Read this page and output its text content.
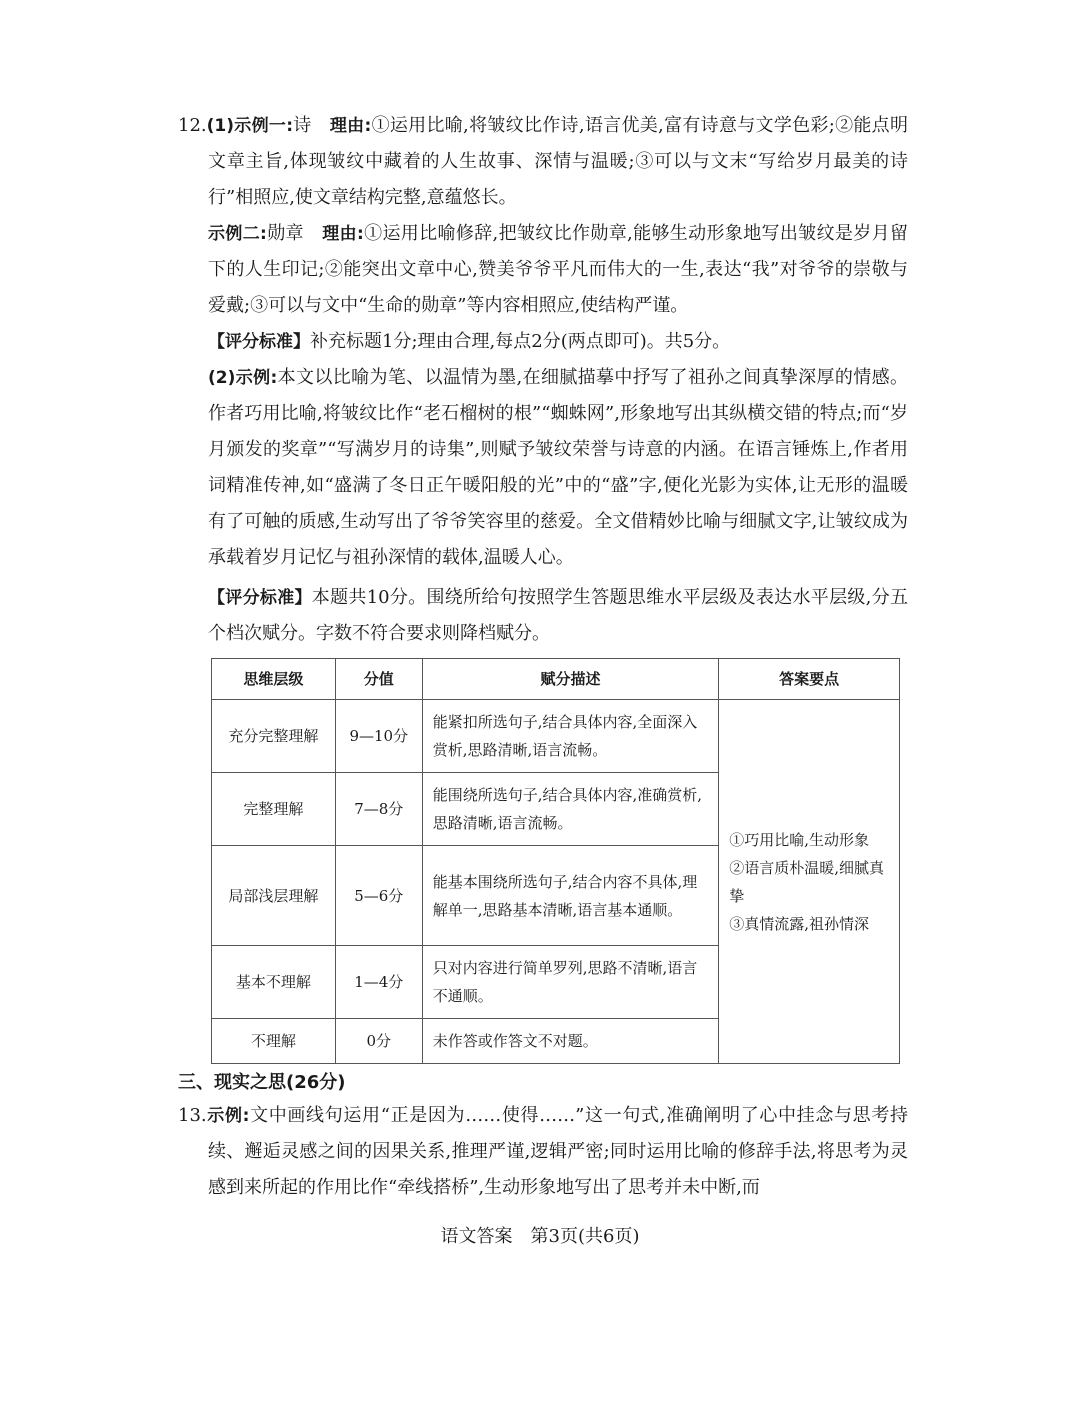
12.(1)示例一:诗　 理由:①运用比喻,将皱纹比作诗,语言优美,富有诗意与文学色彩;②能点明文章主旨,体现皱纹中藏着的人生故事、深情与温暖;③可以与文末“写给岁月最美的诗行”相照应,使文章结构完整,意蕴悠长。

示例二:勋章　 理由:①运用比喻修辞,把皱纹比作勋章,能够生动形象地写出皱纹是岁月留下的人生印记;②能突出文章中心,赞美爷爷平凡而伟大的一生,表达“我”对爷爷的崇敬与爱戴;③可以与文中“生命的勋章”等内容相照应,使结构严谨。

【评分标准】补充标题1分;理由合理,每点2分(两点即可)。共5分。

(2)示例:本文以比喻为笔、以温情为墨,在细腻描摹中抒写了祖孙之间真挚深厚的情感。作者巧用比喻,将皱纹比作“老石榴树的根”“蜘蛛网”,形象地写出其纵横交错的特点;而“岁月颁发的奖章”“写满岁月的诗集”,则赋予皱纹荣誉与诗意的内涵。在语言锤炼上,作者用词精准传神,如“盛满了冬日正午暖阳般的光”中的“盛”字,便化光影为实体,让无形的温暖有了可触的质感,生动写出了爷爷笑容里的慈爱。全文借精妙比喻与细腻文字,让皱纹成为承载着岁月记忆与祖孙深情的载体,温暖人心。

【评分标准】本题共10分。围绕所给句按照学生答题思维水平层级及表达水平层级,分五个档次赋分。字数不符合要求则降档赋分。

思维层级	分值	赋分描述	答案要点
充分完整理解	9—10分	能紧扣所选句子,结合具体内容,全面深入赏析,思路清晰,语言流畅。	①巧用比喻,生动形象
②语言质朴温暖,细腻真挚
③真情流露,祖孙情深

完整理解	7—8分	能围绕所选句子,结合具体内容,准确赏析,思路清晰,语言流畅。	
局部浅层理解	5—6分	能基本围绕所选句子,结合内容不具体,理解单一,思路基本清晰,语言基本通顺。	
基本不理解	1—4分	只对内容进行简单罗列,思路不清晰,语言不通顺。	
不理解	0分	未作答或作答文不对题。	
三、现实之思(26分)

13.示例:文中画线句运用“正是因为……使得……”这一句式,准确阐明了心中挂念与思考持续、邂逅灵感之间的因果关系,推理严谨,逻辑严密;同时运用比喻的修辞手法,将思考为灵感到来所起的作用比作“牵线搭桥”,生动形象地写出了思考并未中断,而

语文答案　第3页(共6页)
